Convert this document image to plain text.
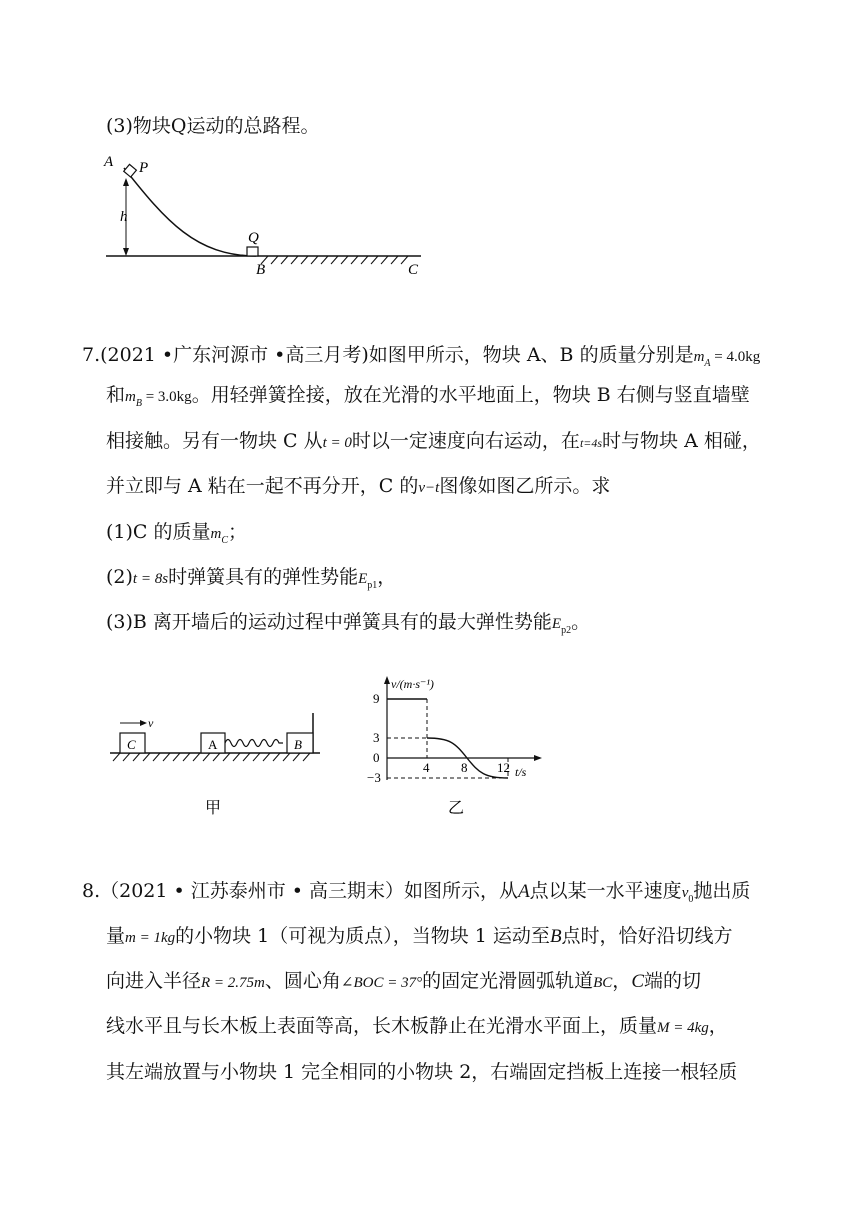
(3)物块Q运动的总路程。
A P
h
Q
B	C
7.(2021 •广东河源市 •高三月考)如图甲所示，物块 A、B 的质量分别是$m_A = 4.0kg$
和$m_B = 3.0kg$。用轻弹簧拴接，放在光滑的水平地面上，物块 B 右侧与竖直墙壁
相接触。另有一物块 C 从t = 0时以一定速度向右运动，在t=4s时与物块 A 相碰，
并立即与 A 粘在一起不再分开，C 的v−t图像如图乙所示。求
(1)C 的质量$m_C$；
(2)t = 8s时弹簧具有的弹性势能$E_{p1}$，
(3)B 离开墙后的运动过程中弹簧具有的最大弹性势能$E_{p2}$。
C
v
A	B
甲
v/(m·s⁻¹)
t/s
9
3
0
−3
4 8 12
乙
8.（2021 • 江苏泰州市 • 高三期末）如图所示，从A点以某一水平速度$v_0$抛出质
量m = 1kg的小物块 1（可视为质点），当物块 1 运动至B点时，恰好沿切线方
向进入半径R = 2.75m、圆心角∠BOC = 37°的固定光滑圆弧轨道BC，C端的切
线水平且与长木板上表面等高，长木板静止在光滑水平面上，质量M = 4kg，
其左端放置与小物块 1 完全相同的小物块 2，右端固定挡板上连接一根轻质
